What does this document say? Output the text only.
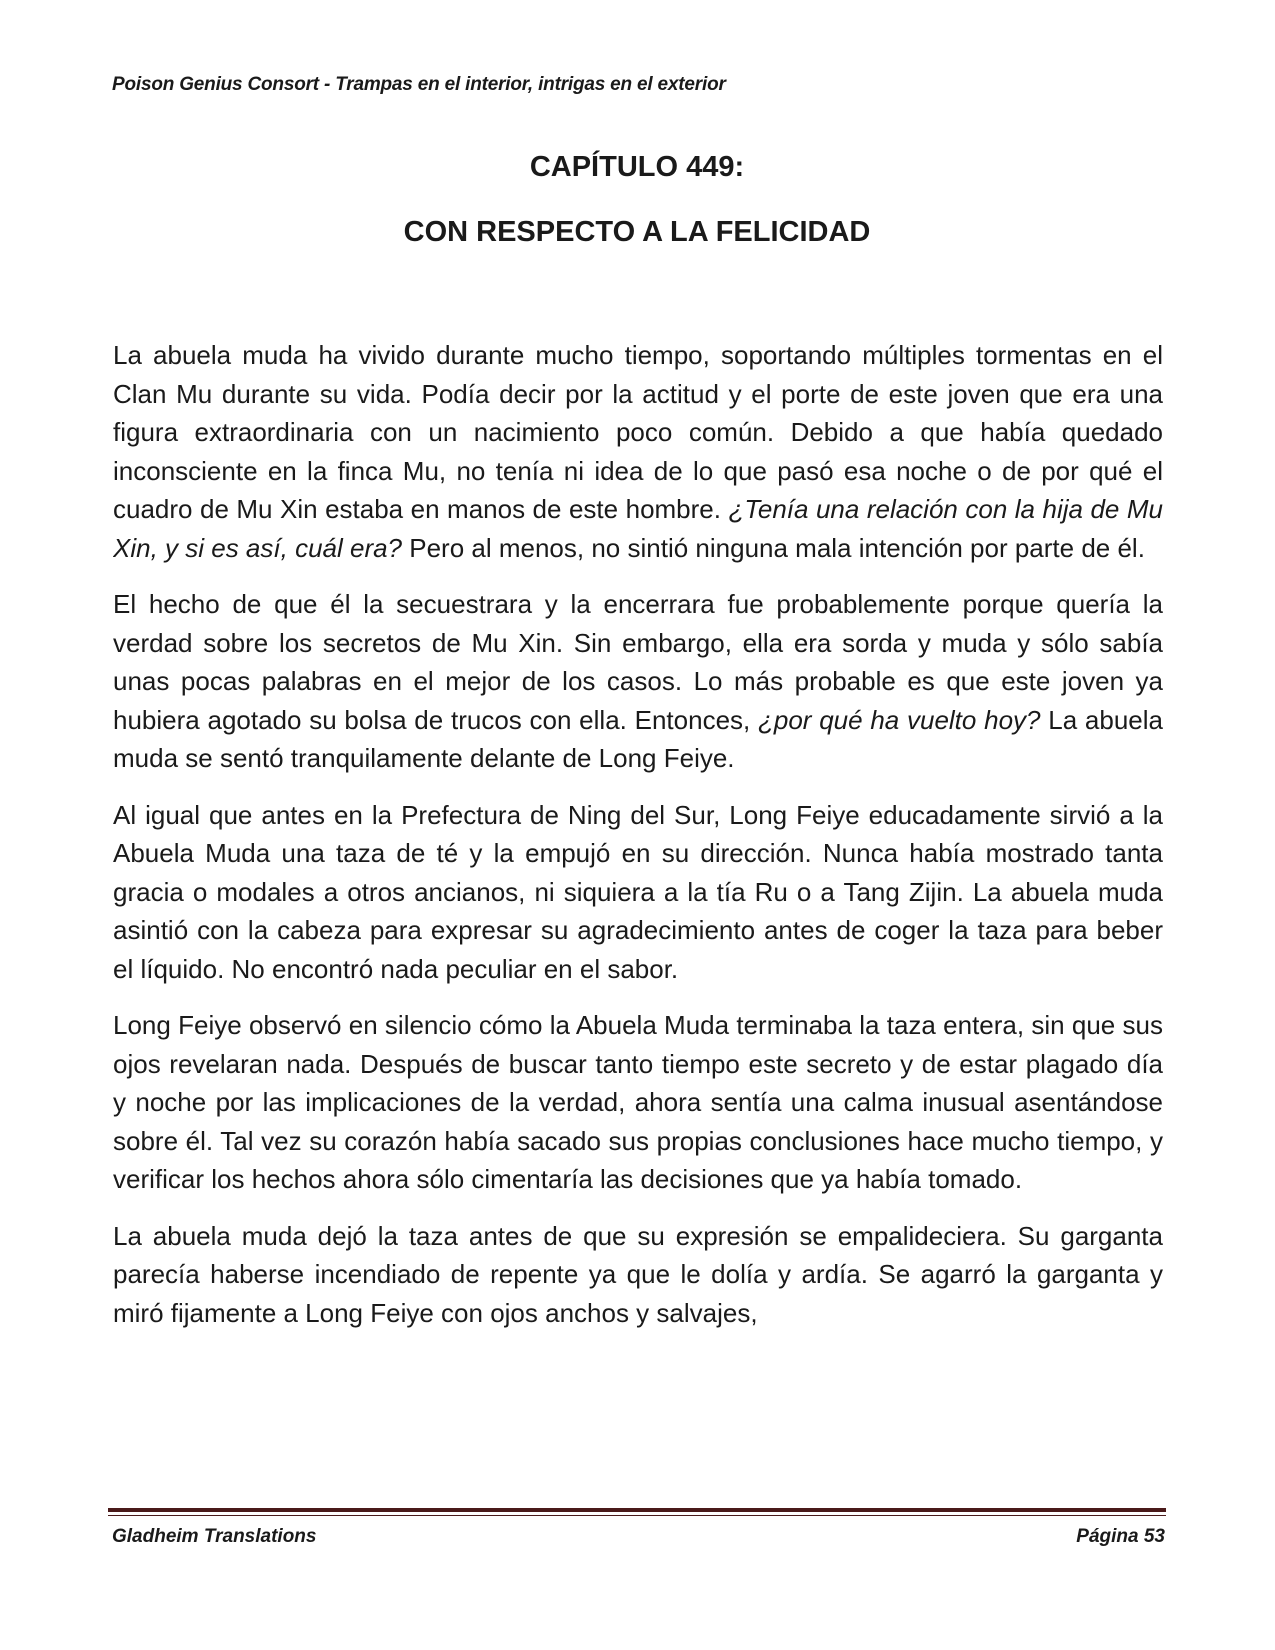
Poison Genius Consort - Trampas en el interior, intrigas en el exterior
CAPÍTULO 449:
CON RESPECTO A LA FELICIDAD

La abuela muda ha vivido durante mucho tiempo, soportando múltiples tormentas en el Clan Mu durante su vida. Podía decir por la actitud y el porte de este joven que era una figura extraordinaria con un nacimiento poco común. Debido a que había quedado inconsciente en la finca Mu, no tenía ni idea de lo que pasó esa noche o de por qué el cuadro de Mu Xin estaba en manos de este hombre. ¿Tenía una relación con la hija de Mu Xin, y si es así, cuál era? Pero al menos, no sintió ninguna mala intención por parte de él.

El hecho de que él la secuestrara y la encerrara fue probablemente porque quería la verdad sobre los secretos de Mu Xin. Sin embargo, ella era sorda y muda y sólo sabía unas pocas palabras en el mejor de los casos. Lo más probable es que este joven ya hubiera agotado su bolsa de trucos con ella. Entonces, ¿por qué ha vuelto hoy? La abuela muda se sentó tranquilamente delante de Long Feiye.

Al igual que antes en la Prefectura de Ning del Sur, Long Feiye educadamente sirvió a la Abuela Muda una taza de té y la empujó en su dirección. Nunca había mostrado tanta gracia o modales a otros ancianos, ni siquiera a la tía Ru o a Tang Zijin. La abuela muda asintió con la cabeza para expresar su agradecimiento antes de coger la taza para beber el líquido. No encontró nada peculiar en el sabor.

Long Feiye observó en silencio cómo la Abuela Muda terminaba la taza entera, sin que sus ojos revelaran nada. Después de buscar tanto tiempo este secreto y de estar plagado día y noche por las implicaciones de la verdad, ahora sentía una calma inusual asentándose sobre él. Tal vez su corazón había sacado sus propias conclusiones hace mucho tiempo, y verificar los hechos ahora sólo cimentaría las decisiones que ya había tomado.

La abuela muda dejó la taza antes de que su expresión se empalideciera. Su garganta parecía haberse incendiado de repente ya que le dolía y ardía. Se agarró la garganta y miró fijamente a Long Feiye con ojos anchos y salvajes,

Gladheim Translations	Página 53
